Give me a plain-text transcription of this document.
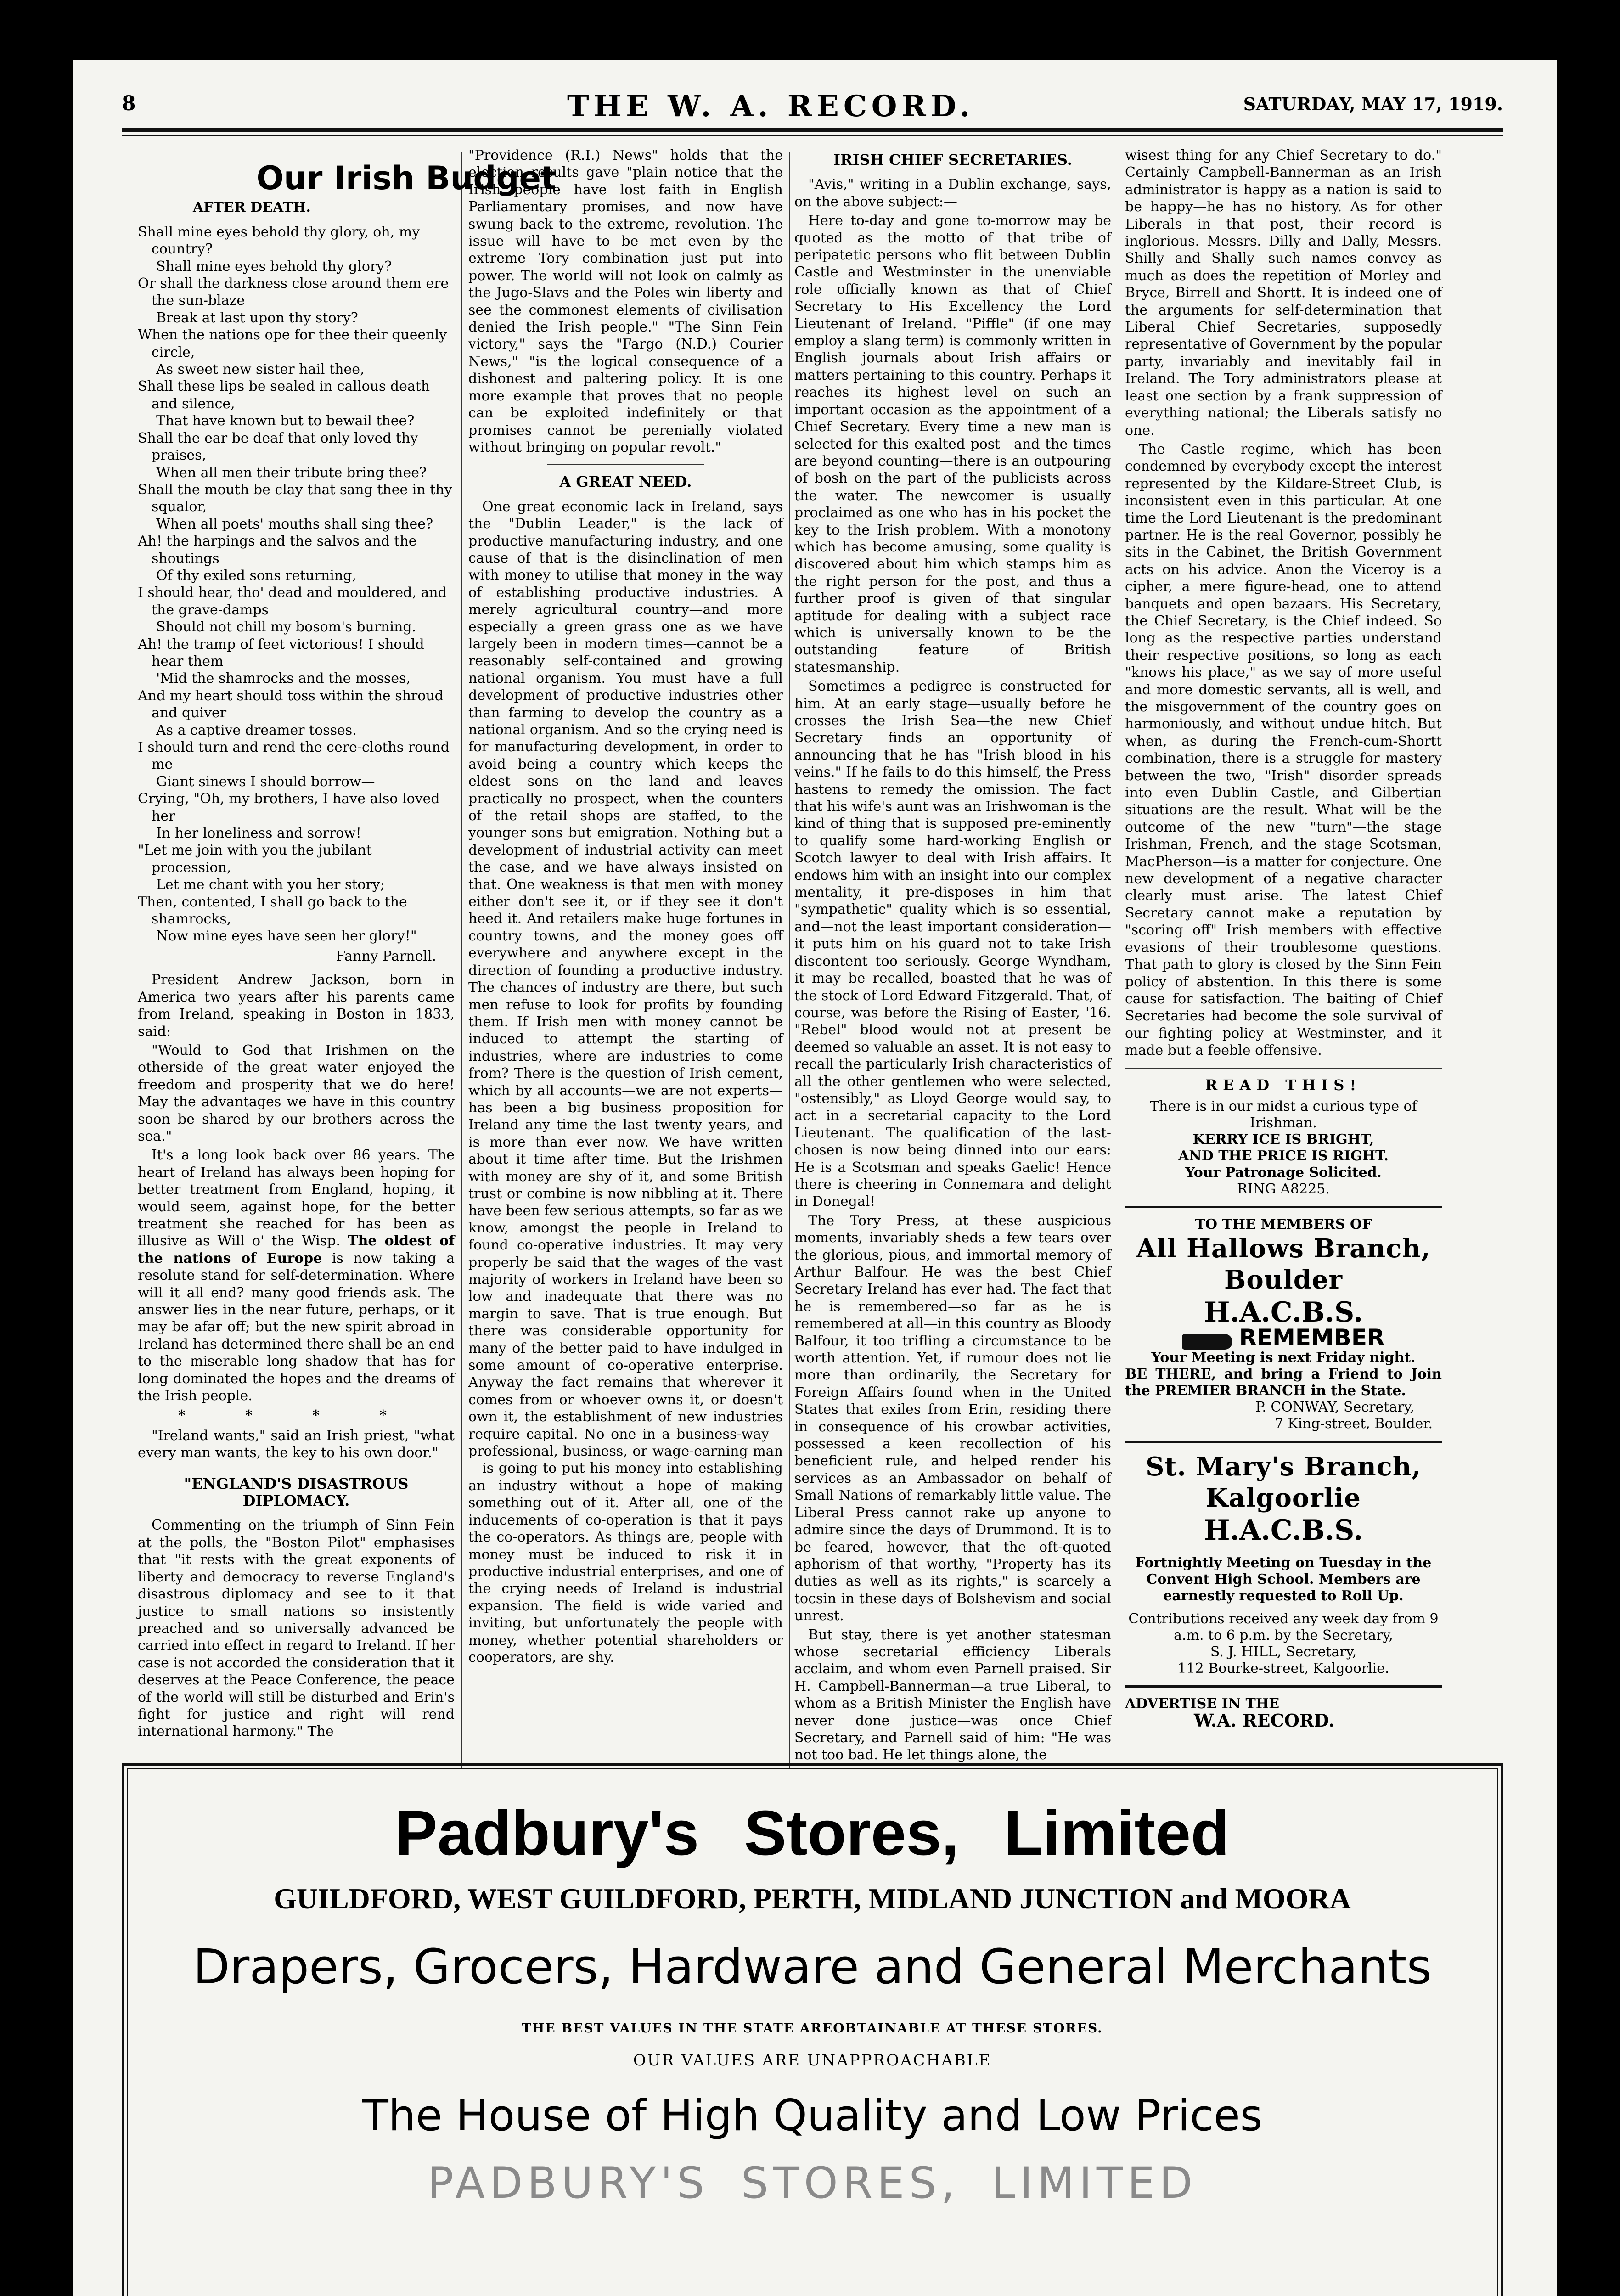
8	THE W. A. RECORD.	SATURDAY, MAY 17, 1919.
Our Irish Budget
AFTER DEATH.
Shall mine eyes behold thy glory, oh, my country?
Shall mine eyes behold thy glory?
Or shall the darkness close around them ere the sun-blaze
Break at last upon thy story?
When the nations ope for thee their queenly circle,
As sweet new sister hail thee,
Shall these lips be sealed in callous death and silence,
That have known but to bewail thee?
Shall the ear be deaf that only loved thy praises,
When all men their tribute bring thee?
Shall the mouth be clay that sang thee in thy squalor,
When all poets' mouths shall sing thee?
Ah! the harpings and the salvos and the shoutings
Of thy exiled sons returning,
I should hear, tho' dead and mouldered, and the grave-damps
Should not chill my bosom's burning.
Ah! the tramp of feet victorious! I should hear them
'Mid the shamrocks and the mosses,
And my heart should toss within the shroud and quiver
As a captive dreamer tosses.
I should turn and rend the cere-cloths round me—
Giant sinews I should borrow—
Crying, "Oh, my brothers, I have also loved her
In her loneliness and sorrow!
"Let me join with you the jubilant procession,
Let me chant with you her story;
Then, contented, I shall go back to the shamrocks,
Now mine eyes have seen her glory!"
—Fanny Parnell.

President Andrew Jackson, born in America two years after his parents came from Ireland, speaking in Boston in 1833, said:

"Would to God that Irishmen on the otherside of the great water enjoyed the freedom and prosperity that we do here! May the advantages we have in this country soon be shared by our brothers across the sea."

It's a long look back over 86 years. The heart of Ireland has always been hoping for better treatment from England, hoping, it would seem, against hope, for the better treatment she reached for has been as illusive as Will o' the Wisp. The oldest of the nations of Europe is now taking a resolute stand for self-determination. Where will it all end? many good friends ask. The answer lies in the near future, perhaps, or it may be afar off; but the new spirit abroad in Ireland has determined there shall be an end to the miserable long shadow that has for long dominated the hopes and the dreams of the Irish people.

* * * *

"Ireland wants," said an Irish priest, "what every man wants, the key to his own door."

"ENGLAND'S DISASTROUS DIPLOMACY.

Commenting on the triumph of Sinn Fein at the polls, the "Boston Pilot" emphasises that "it rests with the great exponents of liberty and democracy to reverse England's disastrous diplomacy and see to it that justice to small nations so insistently preached and so universally advanced be carried into effect in regard to Ireland. If her case is not accorded the consideration that it deserves at the Peace Conference, the peace of the world will still be disturbed and Erin's fight for justice and right will rend international harmony." The

"Providence (R.I.) News" holds that the election results gave "plain notice that the Irish people have lost faith in English Parliamentary promises, and now have swung back to the extreme, revolution. The issue will have to be met even by the extreme Tory combination just put into power. The world will not look on calmly as the Jugo-Slavs and the Poles win liberty and see the commonest elements of civilisation denied the Irish people." "The Sinn Fein victory," says the "Fargo (N.D.) Courier News," "is the logical consequence of a dishonest and paltering policy. It is one more example that proves that no people can be exploited indefinitely or that promises cannot be perenially violated without bringing on popular revolt."

A GREAT NEED.

One great economic lack in Ireland, says the "Dublin Leader," is the lack of productive manufacturing industry, and one cause of that is the disinclination of men with money to utilise that money in the way of establishing productive industries. A merely agricultural country—and more especially a green grass one as we have largely been in modern times—cannot be a reasonably self-contained and growing national organism. You must have a full development of productive industries other than farming to develop the country as a national organism. And so the crying need is for manufacturing development, in order to avoid being a country which keeps the eldest sons on the land and leaves practically no prospect, when the counters of the retail shops are staffed, to the younger sons but emigration. Nothing but a development of industrial activity can meet the case, and we have always insisted on that. One weakness is that men with money either don't see it, or if they see it don't heed it. And retailers make huge fortunes in country towns, and the money goes off everywhere and anywhere except in the direction of founding a productive industry. The chances of industry are there, but such men refuse to look for profits by founding them. If Irish men with money cannot be induced to attempt the starting of industries, where are industries to come from? There is the question of Irish cement, which by all accounts—we are not experts—has been a big business proposition for Ireland any time the last twenty years, and is more than ever now. We have written about it time after time. But the Irishmen with money are shy of it, and some British trust or combine is now nibbling at it. There have been few serious attempts, so far as we know, amongst the people in Ireland to found co-operative industries. It may very properly be said that the wages of the vast majority of workers in Ireland have been so low and inadequate that there was no margin to save. That is true enough. But there was considerable opportunity for many of the better paid to have indulged in some amount of co-operative enterprise. Anyway the fact remains that wherever it comes from or whoever owns it, or doesn't own it, the establishment of new industries require capital. No one in a business-way—professional, business, or wage-earning man—is going to put his money into establishing an industry without a hope of making something out of it. After all, one of the inducements of co-operation is that it pays the co-operators. As things are, people with money must be induced to risk it in productive industrial enterprises, and one of the crying needs of Ireland is industrial expansion. The field is wide varied and inviting, but unfortunately the people with money, whether potential shareholders or cooperators, are shy.

IRISH CHIEF SECRETARIES.

"Avis," writing in a Dublin exchange, says, on the above subject:—

Here to-day and gone to-morrow may be quoted as the motto of that tribe of peripatetic persons who flit between Dublin Castle and Westminster in the unenviable role officially known as that of Chief Secretary to His Excellency the Lord Lieutenant of Ireland. "Piffle" (if one may employ a slang term) is commonly written in English journals about Irish affairs or matters pertaining to this country. Perhaps it reaches its highest level on such an important occasion as the appointment of a Chief Secretary. Every time a new man is selected for this exalted post—and the times are beyond counting—there is an outpouring of bosh on the part of the publicists across the water. The newcomer is usually proclaimed as one who has in his pocket the key to the Irish problem. With a monotony which has become amusing, some quality is discovered about him which stamps him as the right person for the post, and thus a further proof is given of that singular aptitude for dealing with a subject race which is universally known to be the outstanding feature of British statesmanship.

Sometimes a pedigree is constructed for him. At an early stage—usually before he crosses the Irish Sea—the new Chief Secretary finds an opportunity of announcing that he has "Irish blood in his veins." If he fails to do this himself, the Press hastens to remedy the omission. The fact that his wife's aunt was an Irishwoman is the kind of thing that is supposed pre-eminently to qualify some hard-working English or Scotch lawyer to deal with Irish affairs. It endows him with an insight into our complex mentality, it pre-disposes in him that "sympathetic" quality which is so essential, and—not the least important consideration—it puts him on his guard not to take Irish discontent too seriously. George Wyndham, it may be recalled, boasted that he was of the stock of Lord Edward Fitzgerald. That, of course, was before the Rising of Easter, '16. "Rebel" blood would not at present be deemed so valuable an asset. It is not easy to recall the particularly Irish characteristics of all the other gentlemen who were selected, "ostensibly," as Lloyd George would say, to act in a secretarial capacity to the Lord Lieutenant. The qualification of the last-chosen is now being dinned into our ears: He is a Scotsman and speaks Gaelic! Hence there is cheering in Connemara and delight in Donegal!

The Tory Press, at these auspicious moments, invariably sheds a few tears over the glorious, pious, and immortal memory of Arthur Balfour. He was the best Chief Secretary Ireland has ever had. The fact that he is remembered—so far as he is remembered at all—in this country as Bloody Balfour, it too trifling a circumstance to be worth attention. Yet, if rumour does not lie more than ordinarily, the Secretary for Foreign Affairs found when in the United States that exiles from Erin, residing there in consequence of his crowbar activities, possessed a keen recollection of his beneficient rule, and helped render his services as an Ambassador on behalf of Small Nations of remarkably little value. The Liberal Press cannot rake up anyone to admire since the days of Drummond. It is to be feared, however, that the oft-quoted aphorism of that worthy, "Property has its duties as well as its rights," is scarcely a tocsin in these days of Bolshevism and social unrest.

But stay, there is yet another statesman whose secretarial efficiency Liberals acclaim, and whom even Parnell praised. Sir H. Campbell-Bannerman—a true Liberal, to whom as a British Minister the English have never done justice—was once Chief Secretary, and Parnell said of him: "He was not too bad. He let things alone, the

wisest thing for any Chief Secretary to do." Certainly Campbell-Bannerman as an Irish administrator is happy as a nation is said to be happy—he has no history. As for other Liberals in that post, their record is inglorious. Messrs. Dilly and Dally, Messrs. Shilly and Shally—such names convey as much as does the repetition of Morley and Bryce, Birrell and Shortt. It is indeed one of the arguments for self-determination that Liberal Chief Secretaries, supposedly representative of Government by the popular party, invariably and inevitably fail in Ireland. The Tory administrators please at least one section by a frank suppression of everything national; the Liberals satisfy no one.

The Castle regime, which has been condemned by everybody except the interest represented by the Kildare-Street Club, is inconsistent even in this particular. At one time the Lord Lieutenant is the predominant partner. He is the real Governor, possibly he sits in the Cabinet, the British Government acts on his advice. Anon the Viceroy is a cipher, a mere figure-head, one to attend banquets and open bazaars. His Secretary, the Chief Secretary, is the Chief indeed. So long as the respective parties understand their respective positions, so long as each "knows his place," as we say of more useful and more domestic servants, all is well, and the misgovernment of the country goes on harmoniously, and without undue hitch. But when, as during the French-cum-Shortt combination, there is a struggle for mastery between the two, "Irish" disorder spreads into even Dublin Castle, and Gilbertian situations are the result. What will be the outcome of the new "turn"—the stage Irishman, French, and the stage Scotsman, MacPherson—is a matter for conjecture. One new development of a negative character clearly must arise. The latest Chief Secretary cannot make a reputation by "scoring off" Irish members with effective evasions of their troublesome questions. That path to glory is closed by the Sinn Fein policy of abstention. In this there is some cause for satisfaction. The baiting of Chief Secretaries had become the sole survival of our fighting policy at Westminster, and it made but a feeble offensive.

READ THIS!
There is in our midst a curious type of Irishman.
KERRY ICE IS BRIGHT,
AND THE PRICE IS RIGHT.
Your Patronage Solicited.
RING A8225.
TO THE MEMBERS OF
All Hallows Branch, Boulder
H.A.C.B.S.
REMEMBER
Your Meeting is next Friday night.
BE THERE, and bring a Friend to Join the PREMIER BRANCH in the State.
P. CONWAY, Secretary,
7 King-street, Boulder.
St. Mary's Branch, Kalgoorlie
H.A.C.B.S.
Fortnightly Meeting on Tuesday in the Convent High School. Members are earnestly requested to Roll Up.
Contributions received any week day from 9 a.m. to 6 p.m. by the Secretary,
S. J. HILL, Secretary,
112 Bourke-street, Kalgoorlie.
ADVERTISE IN THE
W.A. RECORD.
Padbury's Stores, Limited
GUILDFORD, WEST GUILDFORD, PERTH, MIDLAND JUNCTION and MOORA
Drapers, Grocers, Hardware and General Merchants
THE BEST VALUES IN THE STATE AREOBTAINABLE AT THESE STORES.
OUR VALUES ARE UNAPPROACHABLE
The House of High Quality and Low Prices
PADBURY'S STORES, LIMITED
